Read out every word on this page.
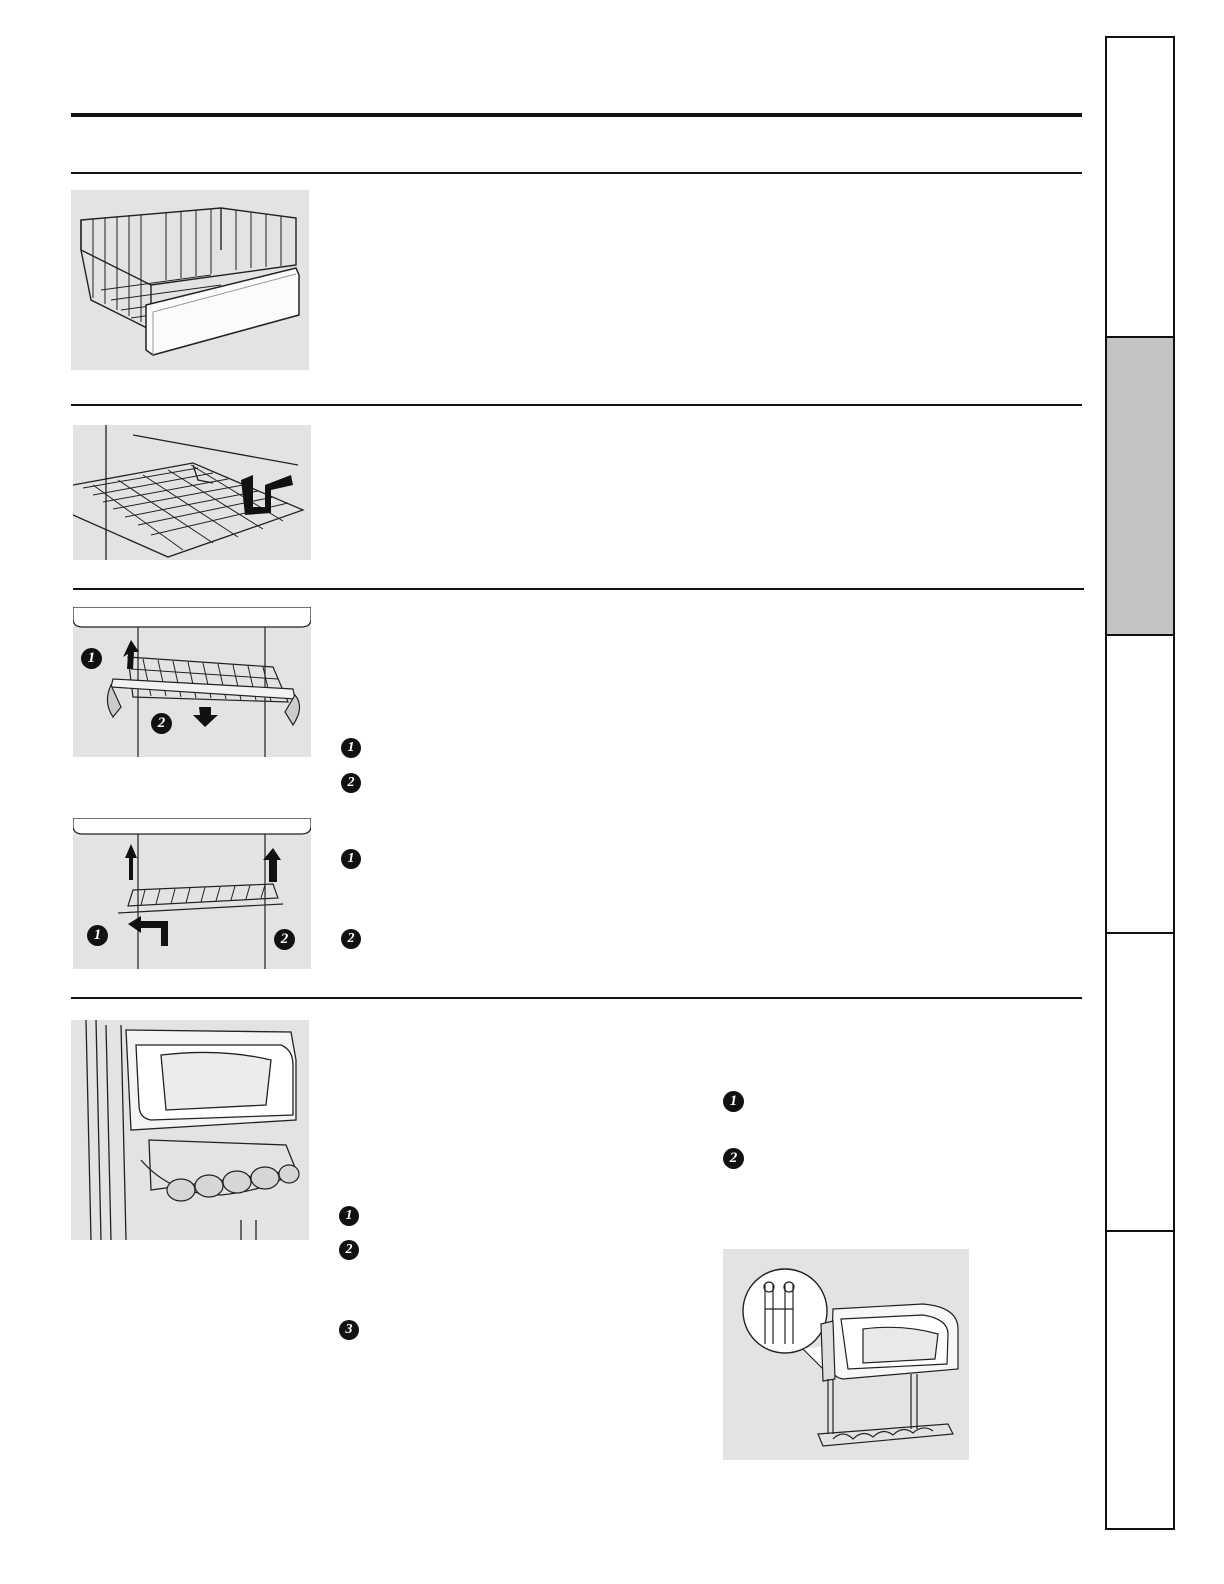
1
2
1	2
1
2
1
2
1
2
3
1
2
